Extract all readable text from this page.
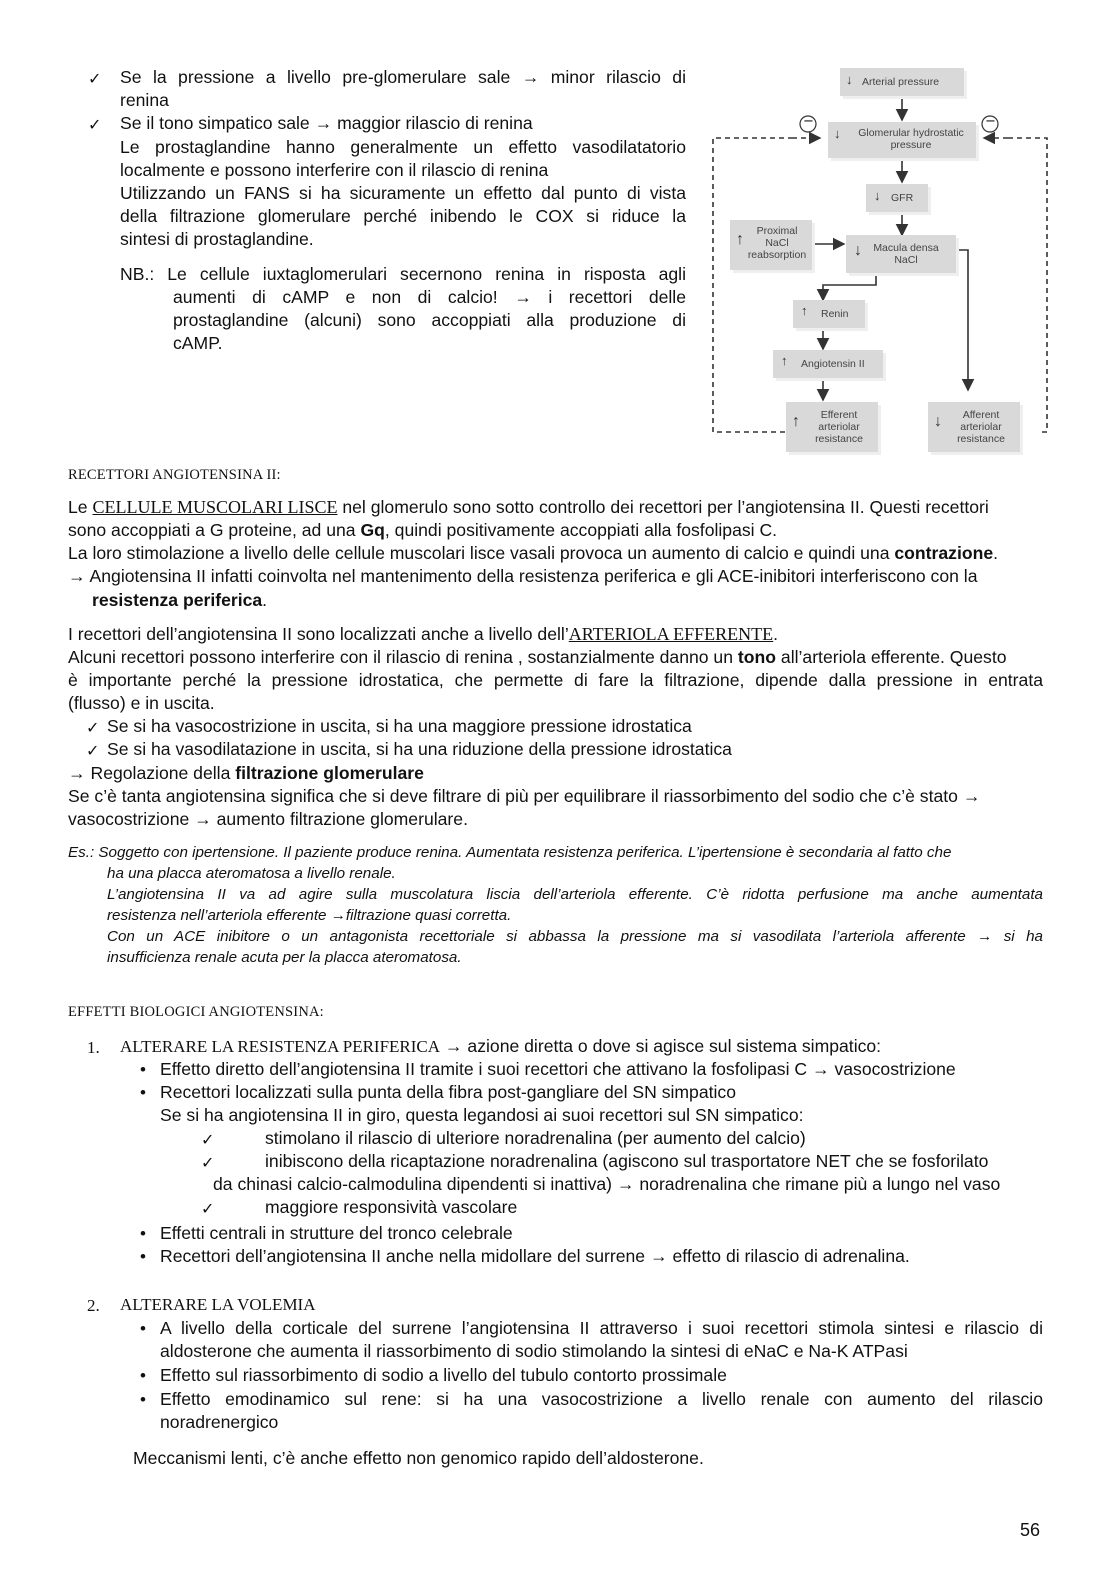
✓ Se la pressione a livello pre-glomerulare sale → minor rilascio di
renina
✓ Se il tono simpatico sale → maggior rilascio di renina
Le prostaglandine hanno generalmente un effetto vasodilatatorio
localmente e possono interferire con il rilascio di renina
Utilizzando un FANS si ha sicuramente un effetto dal punto di vista
della filtrazione glomerulare perché inibendo le COX si riduce la
sintesi di prostaglandine.
NB.: Le cellule iuxtaglomerulari secernono renina in risposta agli
aumenti di cAMP e non di calcio! → i recettori delle
prostaglandine (alcuni) sono accoppiati alla produzione di
cAMP.
−	−
↓ Arterial pressure
↓	Glomerular hydrostatic pressure
↓ GFR
↑	Proximal NaCl reabsorption	↓	Macula densa NaCl
↑ Renin
↑ Angiotensin II
↑	Efferent arteriolar resistance
↓	Afferent arteriolar resistance
RECETTORI ANGIOTENSINA II:
Le CELLULE MUSCOLARI LISCE nel glomerulo sono sotto controllo dei recettori per l’angiotensina II. Questi recettori
sono accoppiati a G proteine, ad una Gq, quindi positivamente accoppiati alla fosfolipasi C.
La loro stimolazione a livello delle cellule muscolari lisce vasali provoca un aumento di calcio e quindi una contrazione.
→ Angiotensina II infatti coinvolta nel mantenimento della resistenza periferica e gli ACE-inibitori interferiscono con la
resistenza periferica.
I recettori dell’angiotensina II sono localizzati anche a livello dell’ARTERIOLA EFFERENTE.
Alcuni recettori possono interferire con il rilascio di renina , sostanzialmente danno un tono all’arteriola efferente. Questo
è importante perché la pressione idrostatica, che permette di fare la filtrazione, dipende dalla pressione in entrata
(flusso) e in uscita.
✓ Se si ha vasocostrizione in uscita, si ha una maggiore pressione idrostatica
✓ Se si ha vasodilatazione in uscita, si ha una riduzione della pressione idrostatica
→ Regolazione della filtrazione glomerulare
Se c’è tanta angiotensina significa che si deve filtrare di più per equilibrare il riassorbimento del sodio che c’è stato →
vasocostrizione → aumento filtrazione glomerulare.
Es.: Soggetto con ipertensione. Il paziente produce renina. Aumentata resistenza periferica. L’ipertensione è secondaria al fatto che
ha una placca ateromatosa a livello renale.
L’angiotensina II va ad agire sulla muscolatura liscia dell’arteriola efferente. C’è ridotta perfusione ma anche aumentata
resistenza nell’arteriola efferente →filtrazione quasi corretta.
Con un ACE inibitore o un antagonista recettoriale si abbassa la pressione ma si vasodilata l’arteriola afferente → si ha
insufficienza renale acuta per la placca ateromatosa.
EFFETTI BIOLOGICI ANGIOTENSINA:
1. ALTERARE LA RESISTENZA PERIFERICA → azione diretta o dove si agisce sul sistema simpatico:
• Effetto diretto dell’angiotensina II tramite i suoi recettori che attivano la fosfolipasi C → vasocostrizione
• Recettori localizzati sulla punta della fibra post-gangliare del SN simpatico
Se si ha angiotensina II in giro, questa legandosi ai suoi recettori sul SN simpatico:
✓	stimolano il rilascio di ulteriore noradrenalina (per aumento del calcio)
✓	inibiscono della ricaptazione noradrenalina (agiscono sul trasportatore NET che se fosforilato
da chinasi calcio-calmodulina dipendenti si inattiva) → noradrenalina che rimane più a lungo nel vaso
✓	maggiore responsività vascolare
• Effetti centrali in strutture del tronco celebrale
• Recettori dell’angiotensina II anche nella midollare del surrene → effetto di rilascio di adrenalina.
2. ALTERARE LA VOLEMIA
• A livello della corticale del surrene l’angiotensina II attraverso i suoi recettori stimola sintesi e rilascio di
aldosterone che aumenta il riassorbimento di sodio stimolando la sintesi di eNaC e Na-K ATPasi
• Effetto sul riassorbimento di sodio a livello del tubulo contorto prossimale
• Effetto emodinamico sul rene: si ha una vasocostrizione a livello renale con aumento del rilascio
noradrenergico
Meccanismi lenti, c’è anche effetto non genomico rapido dell’aldosterone.
56
